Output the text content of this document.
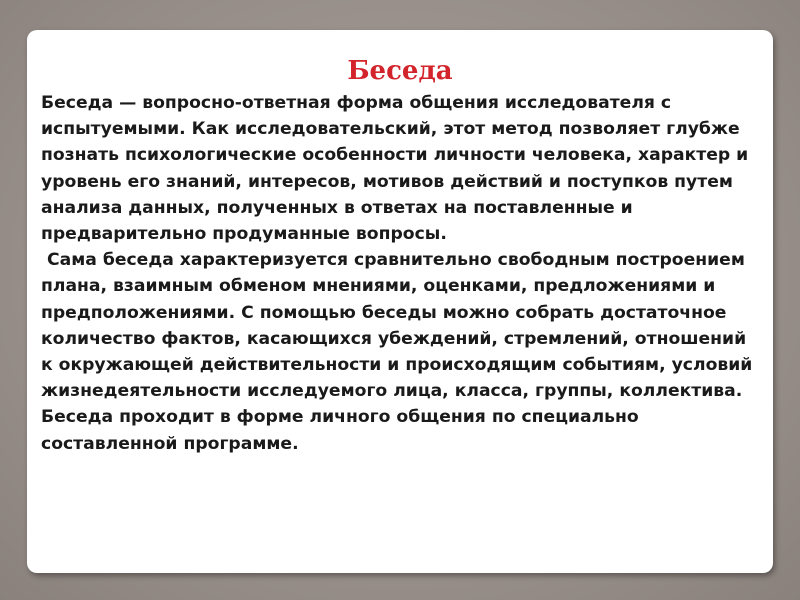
Беседа

Беседа — вопросно-ответная форма общения исследователя с испытуемыми. Как исследовательский, этот метод позволяет глубже познать психологические особенности личности человека, характер и уровень его знаний, интересов, мотивов действий и поступков путем анализа данных, полученных в ответах на поставленные и предварительно продуманные вопросы.

Сама беседа характеризуется сравнительно свободным построением плана, взаимным обменом мнениями, оценками, предложениями и предположениями. С помощью беседы можно собрать достаточное количество фактов, касающихся убеждений, стремлений, отношений к окружающей действительности и происходящим событиям, условий жизнедеятельности исследуемого лица, класса, группы, коллектива. Беседа проходит в форме личного общения по специально составленной программе.
